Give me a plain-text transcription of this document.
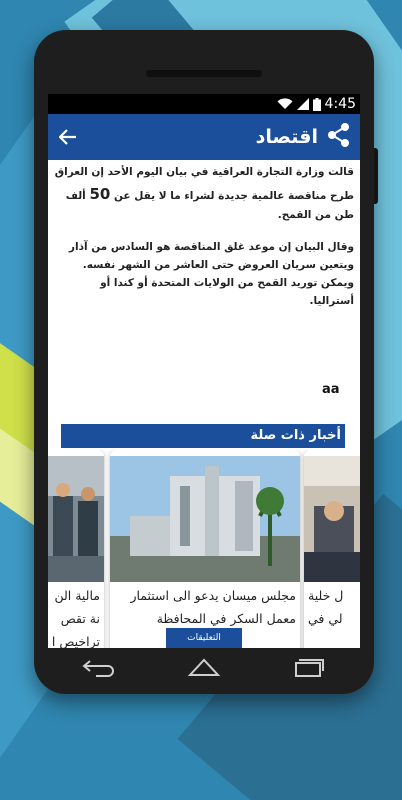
4:45
اقتصاد

قالت وزارة التجارة العراقية في بيان اليوم الأحد إن العراق طرح مناقصة عالمية جديدة لشراء ما لا يقل عن 50 ألف طن من القمح.

وقال البيان إن موعد غلق المناقصة هو السادس من آذار ويتعين سريان العروض حتى العاشر من الشهر نفسه.
ويمكن توريد القمح من الولايات المتحدة أو كندا أو أستراليا.

aa
أخبار ذات صلة
مالية الن
نة تقص
تراخيص ا
مجلس ميسان يدعو الى استثمار
معمل السكر في المحافظة
ل خلية
لي في
التعليقات
